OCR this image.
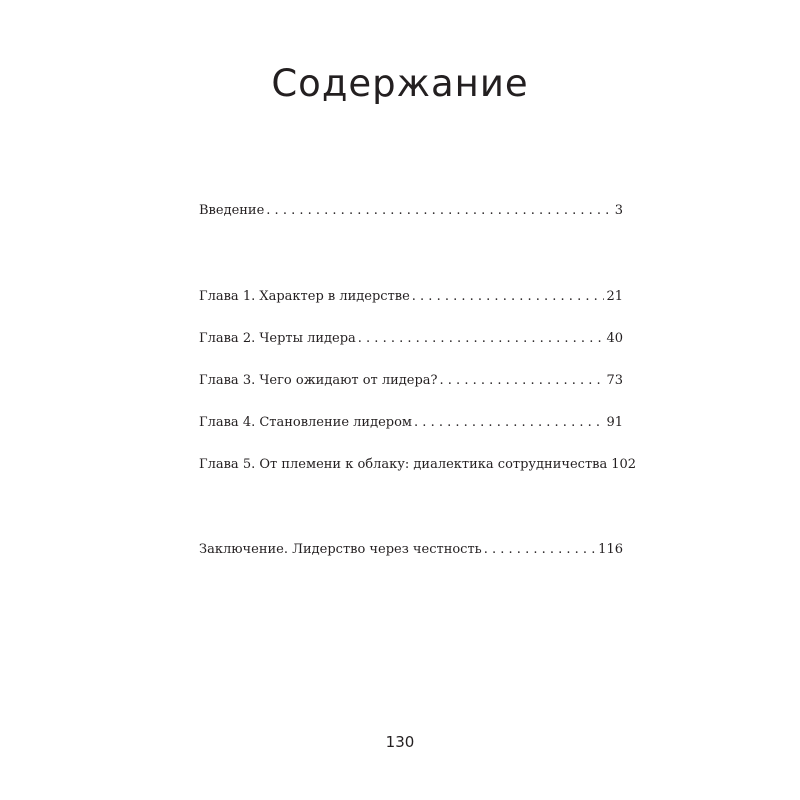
Содержание
Введение . . .	3
Глава 1. Характер в лидерстве . . .	21
Глава 2. Черты лидера . . .	40
Глава 3. Чего ожидают от лидера? . . .	73
Глава 4. Становление лидером . . .	91
Глава 5. От племени к облаку: диалектика сотрудничества 102
Заключение. Лидерство через честность . . .	116
130
